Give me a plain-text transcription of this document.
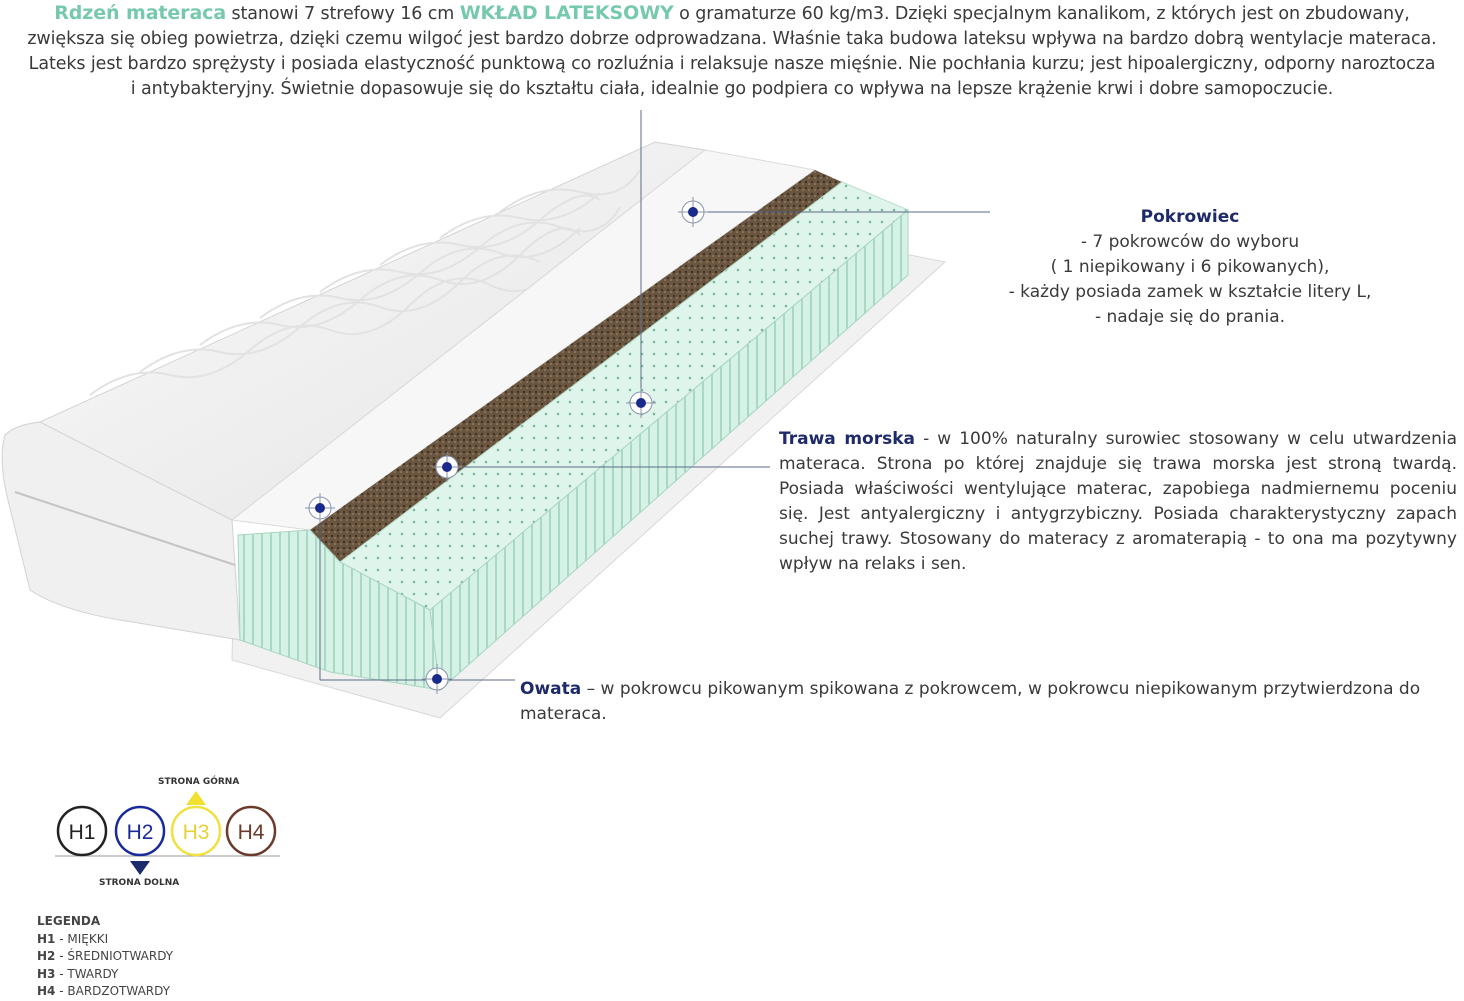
Rdzeń materaca stanowi 7 strefowy 16 cm WKŁAD LATEKSOWY o gramaturze 60 kg/m3. Dzięki specjalnym kanalikom, z których jest on zbudowany,
zwiększa się obieg powietrza, dzięki czemu wilgoć jest bardzo dobrze odprowadzana. Właśnie taka budowa lateksu wpływa na bardzo dobrą wentylacje materaca.
Lateks jest bardzo sprężysty i posiada elastyczność punktową co rozluźnia i relaksuje nasze mięśnie. Nie pochłania kurzu; jest hipoalergiczny, odporny naroztocza
i antybakteryjny. Świetnie dopasowuje się do kształtu ciała, idealnie go podpiera co wpływa na lepsze krążenie krwi i dobre samopoczucie.
H1 H2 H3 H4
STRONA GÓRNA
STRONA DOLNA
Pokrowiec
- 7 pokrowców do wyboru
( 1 niepikowany i 6 pikowanych),
- każdy posiada zamek w kształcie litery L,
- nadaje się do prania.
Trawa morska - w 100% naturalny surowiec stosowany w celu utwardzenia materaca. Strona po której znajduje się trawa morska jest stroną twardą. Posiada właściwości wentylujące materac, zapobiega nadmiernemu poceniu się. Jest antyalergiczny i antygrzybiczny. Posiada charakterystyczny zapach suchej trawy. Stosowany do materacy z aromaterapią - to ona ma pozytywny wpływ na relaks i sen.
Owata – w pokrowcu pikowanym spikowana z pokrowcem, w pokrowcu niepikowanym przytwierdzona do materaca.
LEGENDA
H1 - MIĘKKI
H2 - ŚREDNIOTWARDY
H3 - TWARDY
H4 - BARDZOTWARDY
